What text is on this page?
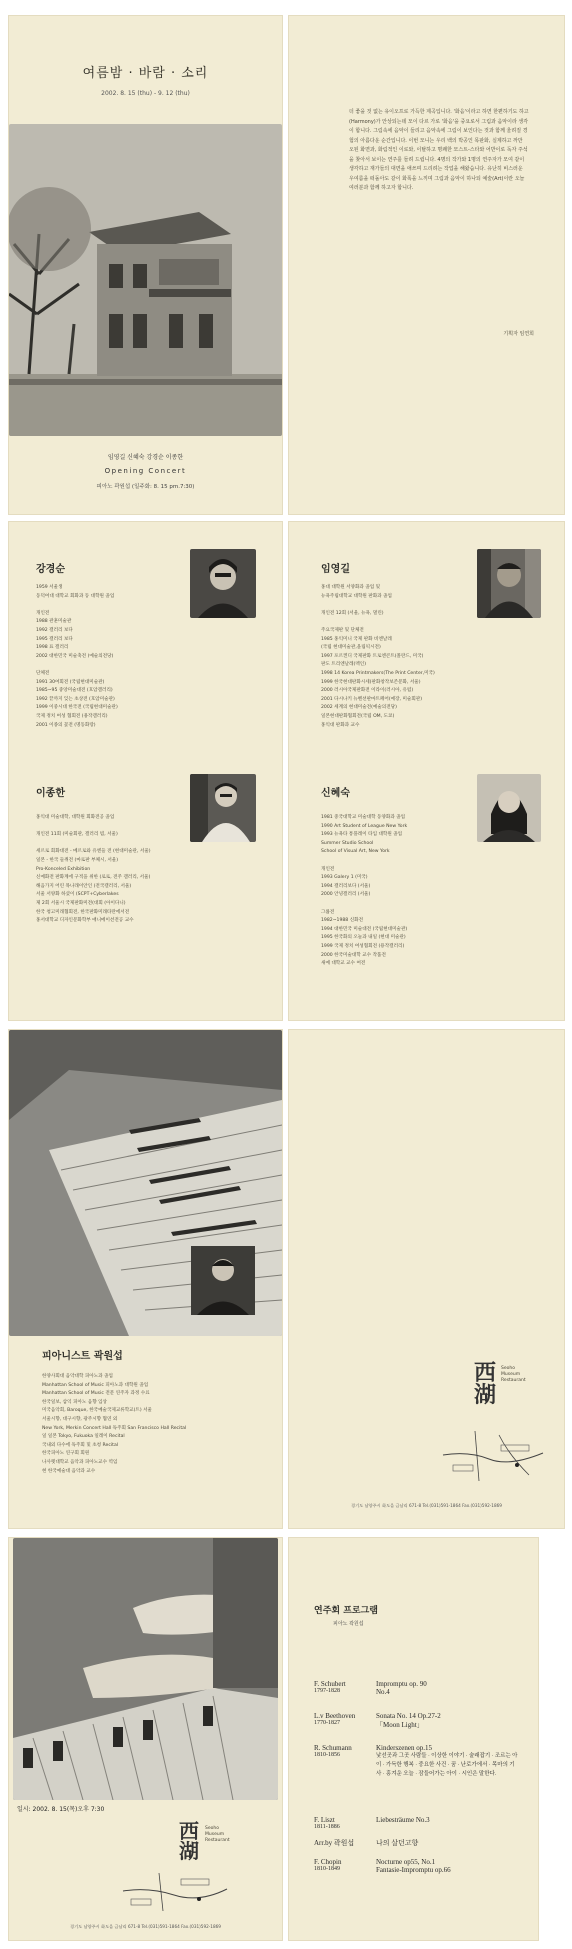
여름밤 · 바람 · 소리
2002. 8. 15 (thu) - 9. 12 (thu)
임영길 신혜숙 강경순 이종한
Opening Concert
피아노 곽원섭 (일주화: 8. 15 pm.7:30)
더 좋을 것 없는 유이오프로 가득한 제곡입니다. '화음'이라고 하면 한편하기도 하고(Harmony)가 안상되는데 모이 다르 가로 '화음'을 중요로서 그림과 음악이라 생각이 합니다. 그림속에 음악이 들리고 음악속에 그림이 보인다는 것과 함께 울려질 경험의 아름다운 순간입니다. 이번 모니는 우리 백의 박공인 목판화, 실제하고 까만 오된 화면과, 화림적인 이로와, 이탈하고 명쾌한 모스트-스타와 어반이로 독자 주석을 찾아서 보이는 연주를 들려 드립니다. 4명의 작가와 1명의 연주자가 모여 같이 생각하고 재가들의 대면을 애쓰며 드리려는 작업을 해왔습니다. 유난히 비스러운 우여름을 떠돌아도 같이 화폭을 느끼며 그림과 음악이 하나되 예술(Art)이란 오늘 여러분과 함께 하고자 합니다.
기획자 임연희
강경순
1959 서울생
동덕여대 대학교 회화과 동 대학원 졸업

개인전
1988 관훈미술관
1992 갤러리 보다
1995 갤러리 보다
1998 표 갤러리
2002 대한민국 미술축전 (예술의전당)

단체전
1991 30여회전 (국립현대미술관)
1985~95 중앙미술대전 (호암갤러리)
1992 끝까지 잊는 초상전 (호암미술관)
1999 이중시대 한국전 (국립현대미술관)
국제 정치 여성 협회전 (용작갤러리)
2001 이종의 꽃전 (명동화랑)
이종한
홍익대 미술대학, 대학원 회화전공 졸업

개인전 11회 (미술회관, 갤러리 빔, 서울)

세르로 회화대전 - 메르로와 유엔들 전 (현대미술관, 서울)
일본 - 한국 들쥐전 (마로판 부체시, 서울)
Pro-Konceled Exhibition
신예화전 판화계에 구적을 위한 (로로, 전주 갤러리, 서울)
해음가지 어린 목나래이안인 (전국갤러리, 서울)
서울 서양화 하셨이 (SCPT+Cyberlakes
제 2회 서울시 국제판화미전(대회 (아이다니)
한국 청고미래협회전, 한국판화미래타란에서전
홍서대학교 디자인문화학부 애니메이션전공 교수
임영길
홍대 대학원 서양화과 졸업 및
뉴욕주립대학교 대학원 판화과 졸업

개인전 12회 (서울, 뉴욕, 멀린)

주요국제판 및 단체전
1985 홍익미니 국제 판화 비엔날레
(국립 현대미술관,올림픽시전)
1997 포르켄디 국제판화 트로엔콘트(폴란드, 미국)
판도 트리엔날레(멕인)
1998 14 Korea Printmakers(The Print Center,미국)
1999 한국현대판화시세(판화창작보존문화, 서울)
2000 러시아국제판화전 이라이(러시아, 유럽)
2001 다시나키 뉴벤션판마트페어(예장, 미술회관)
2002 세계의 현대미술전(예술의전당)
일본현대판화협회전(국립 OM, 도쿄)
홍익대 판화과 교수
신혜숙
1981 중국대학교 미술대학 동양화과 졸업
1990 Art Student of League New York
1993 뉴욕타 통플레이 타입 대학원 졸업
Summer Studio School
School of Visual Art, New York

개인전
1993 Galery 1 (미국)
1994 갤러리보다 (서울)
2000 안녕갤러리 (서울)

그룹전
1982~1988 신화전
1994 대한민국 미술대전 (국립현대미술관)
1995 한국화의 오늘과 내일 (현대 미술관)
1999 국제 정치 여성협회전 (용작갤러리)
2000 한국미술대학 교수 작품전
새예 대학교 교수 여전
피아니스트 곽원섭
한양사회대 음악대학 피아노과 졸업
Manhattan School of Music 피아노과 대학원 졸업
Manhattan School of Music 전문 연주자 과정 수료
한국일보, 삼익 피아노 음향 입상
미국음악회, Baroque, 한국예술국제교류학교(트) 서울
서울시향, 대구시향, 광주시향 협연 외
New York, Merkin Concert Hall 독주회 San Francisco Hall Recital
일 일본 Tokyo, Fukuoka 일레이 Recital
국내외 다수에 독주회 및 초청 Recital
한국피아노 연구회 회원
나사렛대학교 음악과 피아노교수 역임
현 한국예술대 음악과 교수
西湖
Seoho
Museum
Restaurant
경기도 남양주시 화도읍 금남리 671-8 Tel.(031)591-1864 Fax.(031)592-1869
일시: 2002. 8. 15(목)오후 7:30
西湖
Seoho
Museum
Restaurant
경기도 남양주시 화도읍 금남리 671-8 Tel.(031)591-1864 Fax.(031)592-1869
연주회 프로그램
피아노 곽원섭
F. Schubert
1797-1828
Impromptu op. 90
No.4
L.v Beethoven
1770-1827
Sonata No. 14 Op.27-2
「Moon Light」
R. Schumann
1810-1856
Kinderszenen op.15
낯선곳과 그곳 사람들 · 이상한 이야기 · 술래잡기 · 조르는 아이 · 가득한 행복 · 중요한 사건 · 꿈 · 난로가에서 · 목마의 기사 · 흥겨운 오늘 · 잠들어가는 아이 · 시인은 말한다.
F. Liszt
1811-1886
Liebesträume No.3
Arr.by 곽원섭	나의 살던고향
F. Chopin
1810-1849
Nocturne op55, No.1
Fantasie-Impromptu op.66
